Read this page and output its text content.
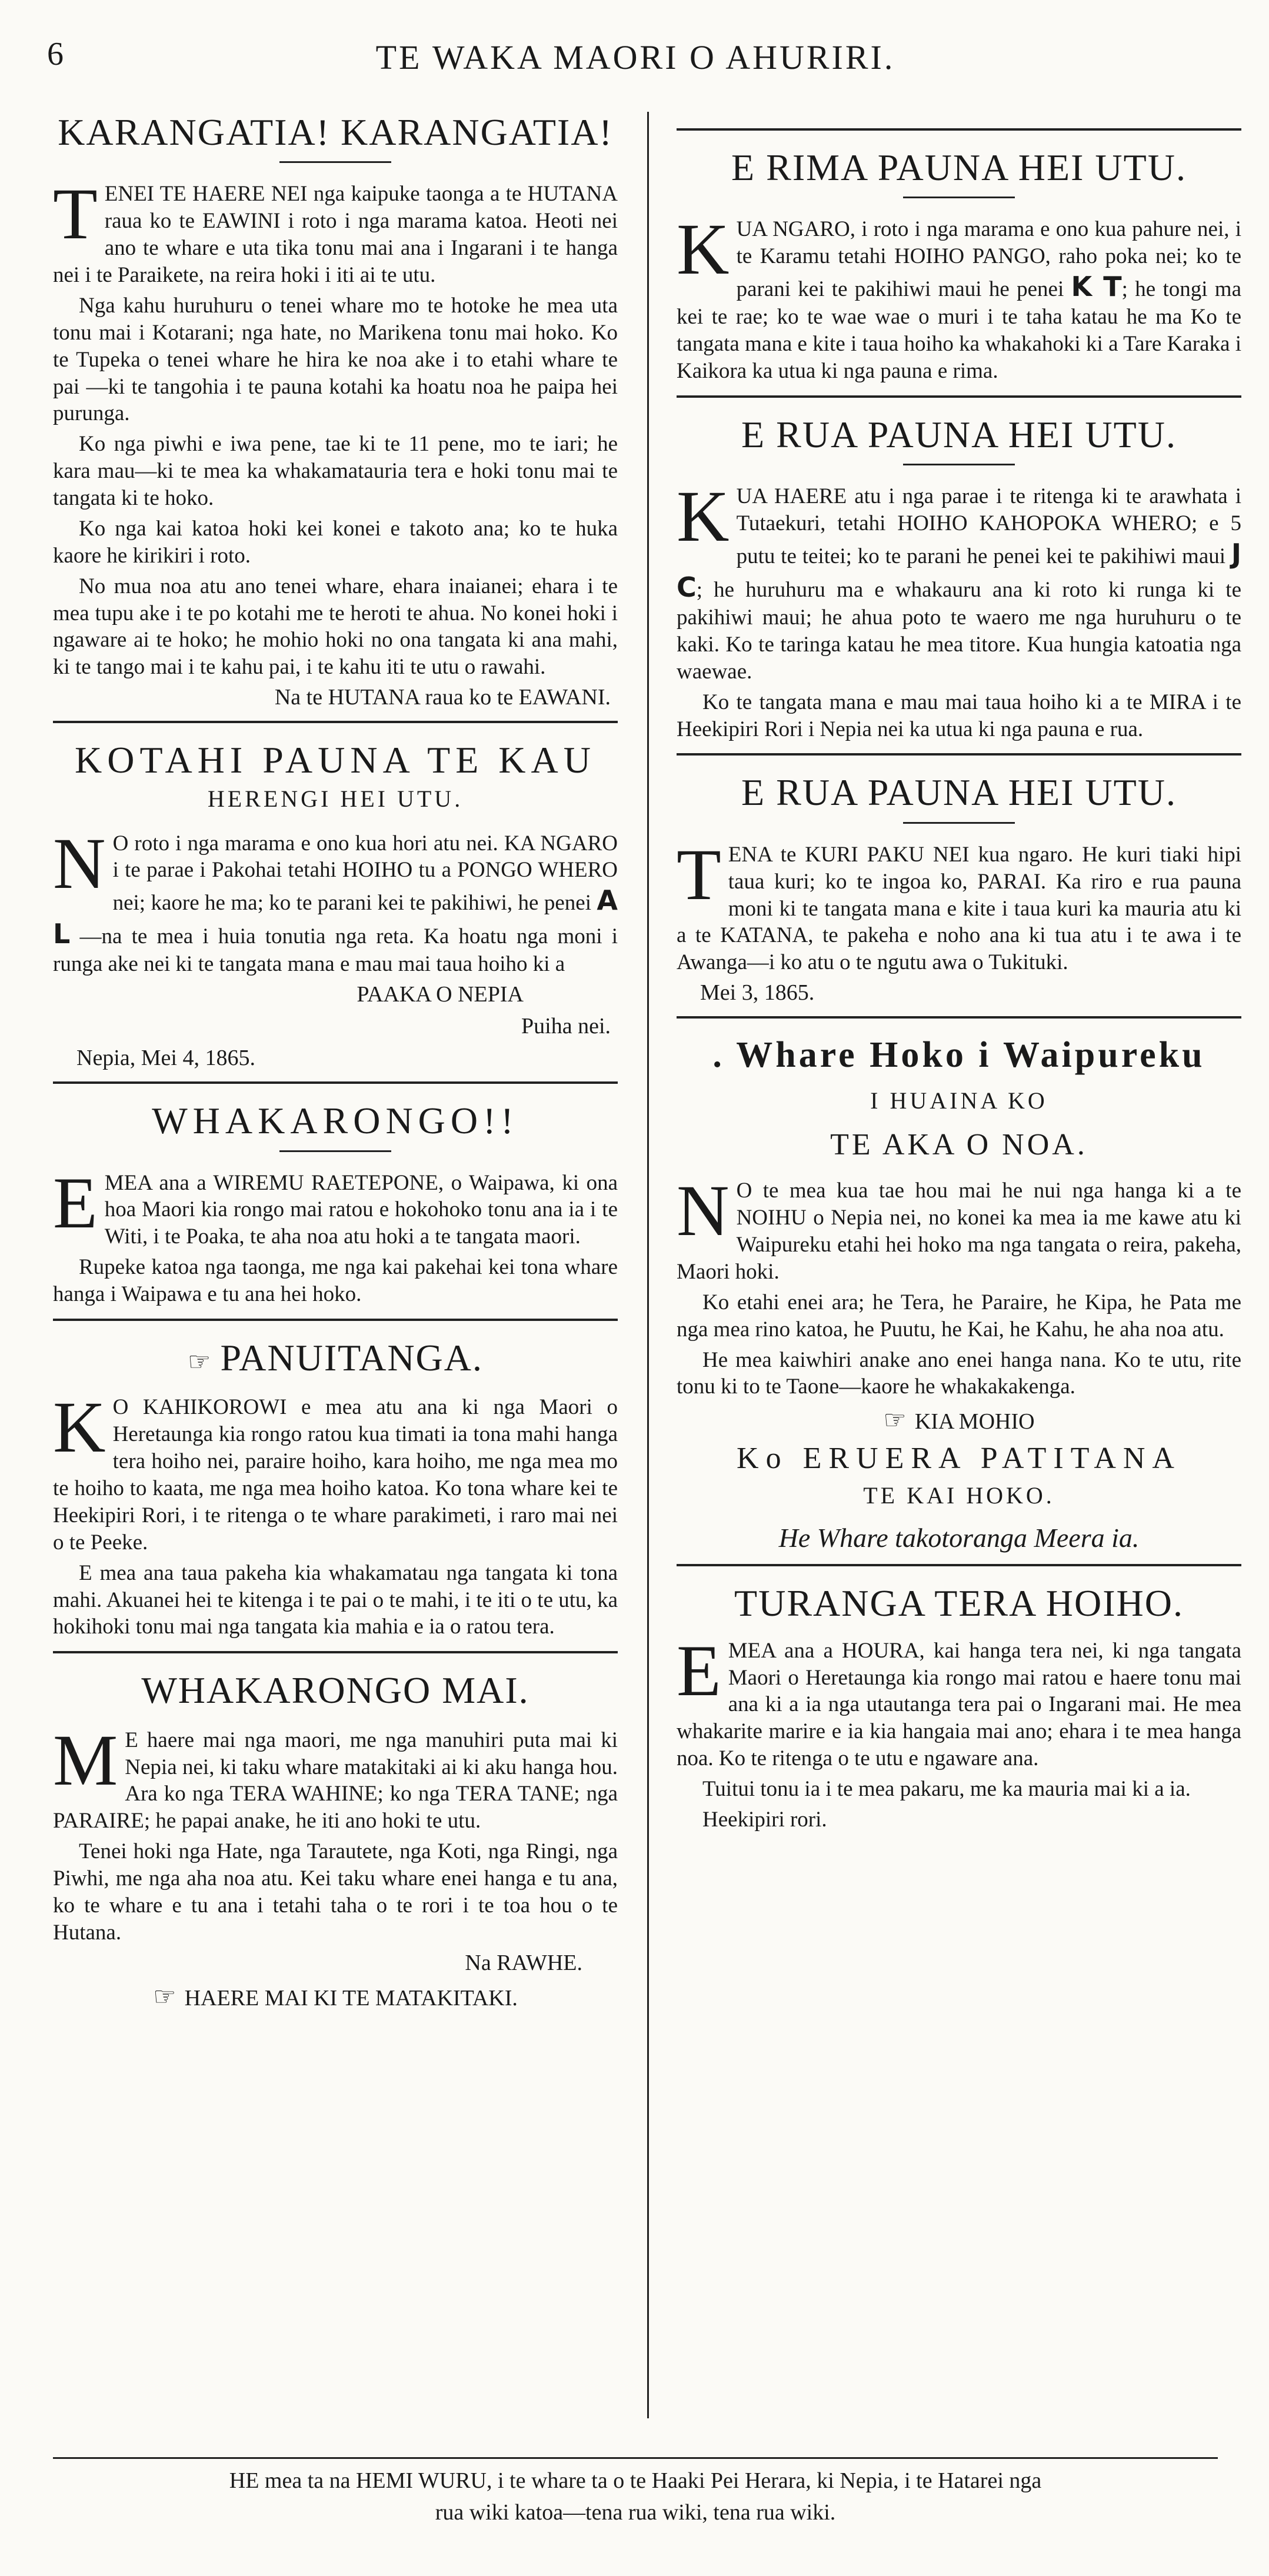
6	TE WAKA MAORI O AHURIRI.
KARANGATIA! KARANGATIA!

TENEI TE HAERE NEI nga kaipuke taonga a te HUTANA raua ko te EAWINI i roto i nga marama katoa. Heoti nei ano te whare e uta tika tonu mai ana i Ingarani i te hanga nei i te Paraikete, na reira hoki i iti ai te utu.

Nga kahu huruhuru o tenei whare mo te hotoke he mea uta tonu mai i Kotarani; nga hate, no Marikena tonu mai hoko. Ko te Tupeka o tenei whare he hira ke noa ake i to etahi whare te pai —ki te tangohia i te pauna kotahi ka hoatu noa he paipa hei purunga.

Ko nga piwhi e iwa pene, tae ki te 11 pene, mo te iari; he kara mau—ki te mea ka whakamatauria tera e hoki tonu mai te tangata ki te hoko.

Ko nga kai katoa hoki kei konei e takoto ana; ko te huka kaore he kirikiri i roto.

No mua noa atu ano tenei whare, ehara inaianei; ehara i te mea tupu ake i te po kotahi me te heroti te ahua. No konei hoki i ngaware ai te hoko; he mohio hoki no ona tangata ki ana mahi, ki te tango mai i te kahu pai, i te kahu iti te utu o rawahi.

Na te HUTANA raua ko te EAWANI.
KOTAHI PAUNA TE KAU
HERENGI HEI UTU.

N O roto i nga marama e ono kua hori atu nei. KA NGARO i te parae i Pakohai tetahi HOIHO tu a PONGO WHERO nei; kaore he ma; ko te parani kei te pakihiwi, he penei A L —na te mea i huia tonutia nga reta. Ka hoatu nga moni i runga ake nei ki te tangata mana e mau mai taua hoiho ki a

PAAKA O NEPIA
Puiha nei.
Nepia, Mei 4, 1865.
WHAKARONGO!!

EMEA ana a WIREMU RAETEPONE, o Waipawa, ki ona hoa Maori kia rongo mai ratou e hokohoko tonu ana ia i te Witi, i te Poaka, te aha noa atu hoki a te tangata maori.

Rupeke katoa nga taonga, me nga kai pakehai kei tona whare hanga i Waipawa e tu ana hei hoko.

☞ PANUITANGA.

K O KAHIKOROWI e mea atu ana ki nga Maori o Heretaunga kia rongo ratou kua timati ia tona mahi hanga tera hoiho nei, paraire hoiho, kara hoiho, me nga mea mo te hoiho to kaata, me nga mea hoiho katoa. Ko tona whare kei te Heekipiri Rori, i te ritenga o te whare parakimeti, i raro mai nei o te Peeke.

E mea ana taua pakeha kia whakamatau nga tangata ki tona mahi. Akuanei hei te kitenga i te pai o te mahi, i te iti o te utu, ka hokihoki tonu mai nga tangata kia mahia e ia o ratou tera.

WHAKARONGO MAI.

M E haere mai nga maori, me nga manuhiri puta mai ki Nepia nei, ki taku whare matakitaki ai ki aku hanga hou. Ara ko nga TERA WAHINE; ko nga TERA TANE; nga PARAIRE; he papai anake, he iti ano hoki te utu.

Tenei hoki nga Hate, nga Tarautete, nga Koti, nga Ringi, nga Piwhi, me nga aha noa atu. Kei taku whare enei hanga e tu ana, ko te whare e tu ana i tetahi taha o te rori i te toa hou o te Hutana.

Na RAWHE.
☞ HAERE MAI KI TE MATAKITAKI.
E RIMA PAUNA HEI UTU.

KUA NGARO, i roto i nga marama e ono kua pahure nei, i te Karamu tetahi HOIHO PANGO, raho poka nei; ko te parani kei te pakihiwi maui he penei K T; he tongi ma kei te rae; ko te wae wae o muri i te taha katau he ma Ko te tangata mana e kite i taua hoiho ka whakahoki ki a Tare Karaka i Kaikora ka utua ki nga pauna e rima.

E RUA PAUNA HEI UTU.

KUA HAERE atu i nga parae i te ritenga ki te arawhata i Tutaekuri, tetahi HOIHO KAHOPOKA WHERO; e 5 putu te teitei; ko te parani he penei kei te pakihiwi maui J C; he huruhuru ma e whakauru ana ki roto ki runga ki te pakihiwi maui; he ahua poto te waero me nga huruhuru o te kaki. Ko te taringa katau he mea titore. Kua hungia katoatia nga waewae.

Ko te tangata mana e mau mai taua hoiho ki a te MIRA i te Heekipiri Rori i Nepia nei ka utua ki nga pauna e rua.

E RUA PAUNA HEI UTU.

TENA te KURI PAKU NEI kua ngaro. He kuri tiaki hipi taua kuri; ko te ingoa ko, PARAI. Ka riro e rua pauna moni ki te tangata mana e kite i taua kuri ka mauria atu ki a te KATANA, te pakeha e noho ana ki tua atu i te awa i te Awanga—i ko atu o te ngutu awa o Tukituki.

Mei 3, 1865.
. Whare Hoko i Waipureku
I HUAINA KO
TE AKA O NOA.

N O te mea kua tae hou mai he nui nga hanga ki a te NOIHU o Nepia nei, no konei ka mea ia me kawe atu ki Waipureku etahi hei hoko ma nga tangata o reira, pakeha, Maori hoki.

Ko etahi enei ara; he Tera, he Paraire, he Kipa, he Pata me nga mea rino katoa, he Puutu, he Kai, he Kahu, he aha noa atu.

He mea kaiwhiri anake ano enei hanga nana. Ko te utu, rite tonu ki to te Taone—kaore he whakakakenga.

☞ KIA MOHIO
Ko ERUERA PATITANA
TE KAI HOKO.
He Whare takotoranga Meera ia.
TURANGA TERA HOIHO.

EMEA ana a HOURA, kai hanga tera nei, ki nga tangata Maori o Heretaunga kia rongo mai ratou e haere tonu mai ana ki a ia nga utautanga tera pai o Ingarani mai. He mea whakarite marire e ia kia hangaia mai ano; ehara i te mea hanga noa. Ko te ritenga o te utu e ngaware ana.

Tuitui tonu ia i te mea pakaru, me ka mauria mai ki a ia.

Heekipiri rori.

HE mea ta na HEMI WURU, i te whare ta o te Haaki Pei Herara, ki Nepia, i te Hatarei nga

rua wiki katoa—tena rua wiki, tena rua wiki.
